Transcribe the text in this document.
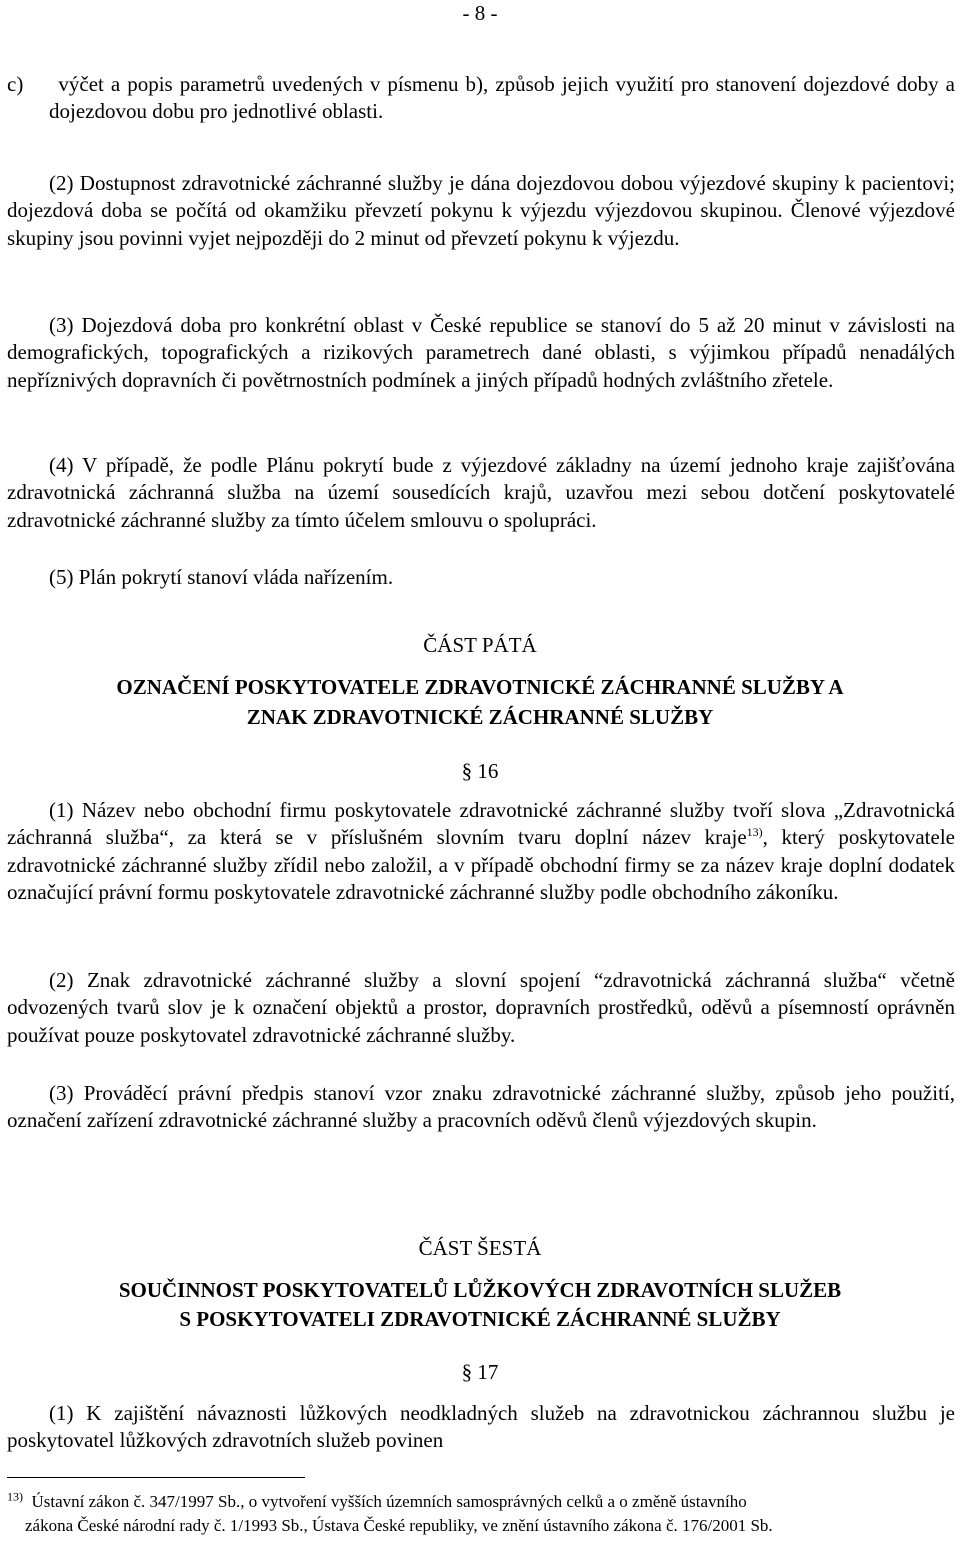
- 8 -

c)     výčet a popis parametrů uvedených v písmenu b), způsob jejich využití pro stanovení dojezdové doby a dojezdovou dobu pro jednotlivé oblasti.

(2) Dostupnost zdravotnické záchranné služby je dána dojezdovou dobou výjezdové skupiny k pacientovi; dojezdová doba se počítá od okamžiku převzetí pokynu k výjezdu výjezdovou skupinou. Členové výjezdové skupiny jsou povinni vyjet nejpozději do 2 minut od převzetí pokynu k výjezdu.

(3) Dojezdová doba pro konkrétní oblast v České republice se stanoví do 5 až 20 minut v závislosti na demografických, topografických a rizikových parametrech dané oblasti, s výjimkou případů nenadálých nepříznivých dopravních či povětrnostních podmínek a jiných případů hodných zvláštního zřetele.

(4) V případě, že podle Plánu pokrytí bude z výjezdové základny na území jednoho kraje zajišťována zdravotnická záchranná služba na území sousedících krajů, uzavřou mezi sebou dotčení poskytovatelé zdravotnické záchranné služby za tímto účelem smlouvu o spolupráci.

(5) Plán pokrytí stanoví vláda nařízením.

ČÁST PÁTÁ

OZNAČENÍ POSKYTOVATELE ZDRAVOTNICKÉ ZÁCHRANNÉ SLUŽBY A

ZNAK ZDRAVOTNICKÉ ZÁCHRANNÉ SLUŽBY

§ 16

(1) Název nebo obchodní firmu poskytovatele zdravotnické záchranné služby tvoří slova „Zdravotnická záchranná služba“, za která se v příslušném slovním tvaru doplní název kraje$^{13)}$, který poskytovatele zdravotnické záchranné služby zřídil nebo založil, a v případě obchodní firmy se za název kraje doplní dodatek označující právní formu poskytovatele zdravotnické záchranné služby podle obchodního zákoníku.

(2) Znak zdravotnické záchranné služby a slovní spojení “zdravotnická záchranná služba“ včetně odvozených tvarů slov je k označení objektů a prostor, dopravních prostředků, oděvů a písemností oprávněn používat pouze poskytovatel zdravotnické záchranné služby.

(3) Prováděcí právní předpis stanoví vzor znaku zdravotnické záchranné služby, způsob jeho použití, označení zařízení zdravotnické záchranné služby a pracovních oděvů členů výjezdových skupin.

ČÁST ŠESTÁ

SOUČINNOST POSKYTOVATELŮ LŮŽKOVÝCH ZDRAVOTNÍCH SLUŽEB

S POSKYTOVATELI ZDRAVOTNICKÉ ZÁCHRANNÉ SLUŽBY

§ 17

(1) K zajištění návaznosti lůžkových neodkladných služeb na zdravotnickou záchrannou službu je poskytovatel lůžkových zdravotních služeb povinen

$^{13)}$ Ústavní zákon č. 347/1997 Sb., o vytvoření vyšších územních samosprávných celků a o změně ústavního

zákona České národní rady č. 1/1993 Sb., Ústava České republiky, ve znění ústavního zákona č. 176/2001 Sb.
